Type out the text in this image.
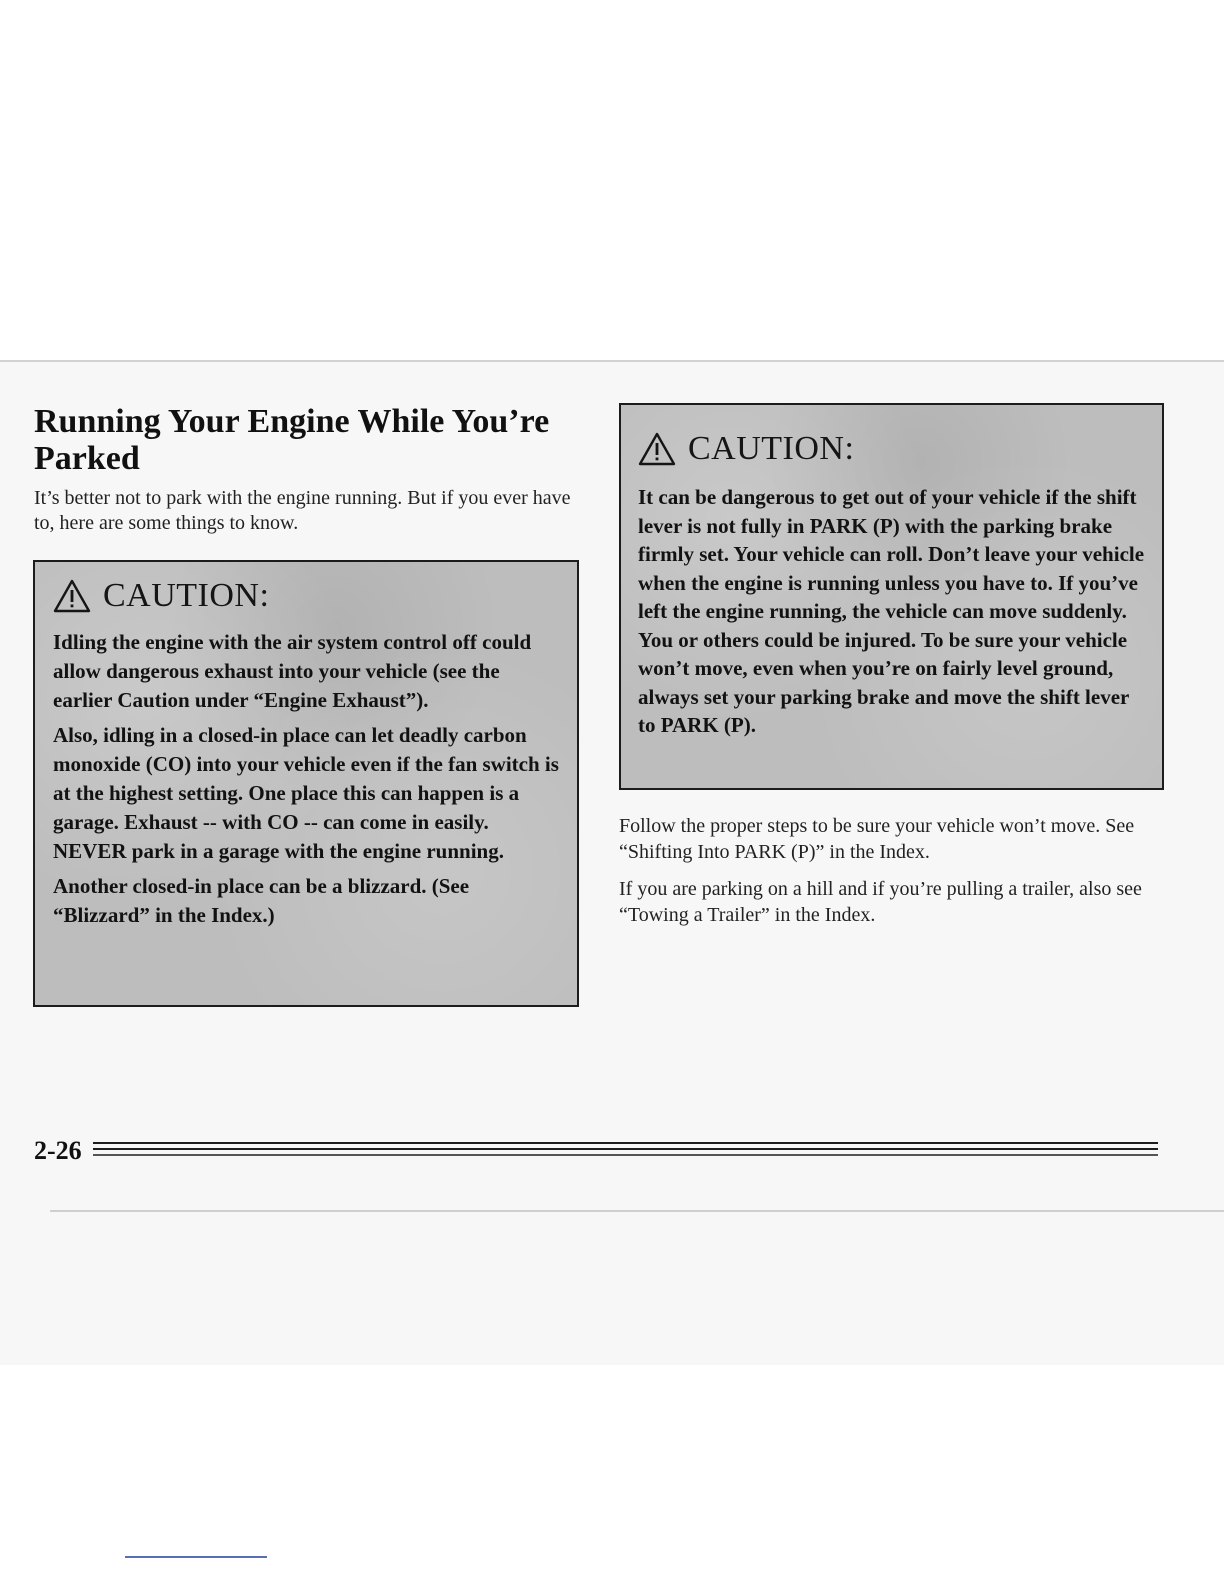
Running Your Engine While You’re Parked

It’s better not to park with the engine running. But if you ever have to, here are some things to know.

CAUTION:

Idling the engine with the air system control off could allow dangerous exhaust into your vehicle (see the earlier Caution under “Engine Exhaust”).

Also, idling in a closed-in place can let deadly carbon monoxide (CO) into your vehicle even if the fan switch is at the highest setting. One place this can happen is a garage. Exhaust -- with CO -- can come in easily. NEVER park in a garage with the engine running.

Another closed-in place can be a blizzard. (See “Blizzard” in the Index.)

CAUTION:

It can be dangerous to get out of your vehicle if the shift lever is not fully in PARK (P) with the parking brake firmly set. Your vehicle can roll. Don’t leave your vehicle when the engine is running unless you have to. If you’ve left the engine running, the vehicle can move suddenly. You or others could be injured. To be sure your vehicle won’t move, even when you’re on fairly level ground, always set your parking brake and move the shift lever to PARK (P).

Follow the proper steps to be sure your vehicle won’t move. See “Shifting Into PARK (P)” in the Index.

If you are parking on a hill and if you’re pulling a trailer, also see “Towing a Trailer” in the Index.

2-26
